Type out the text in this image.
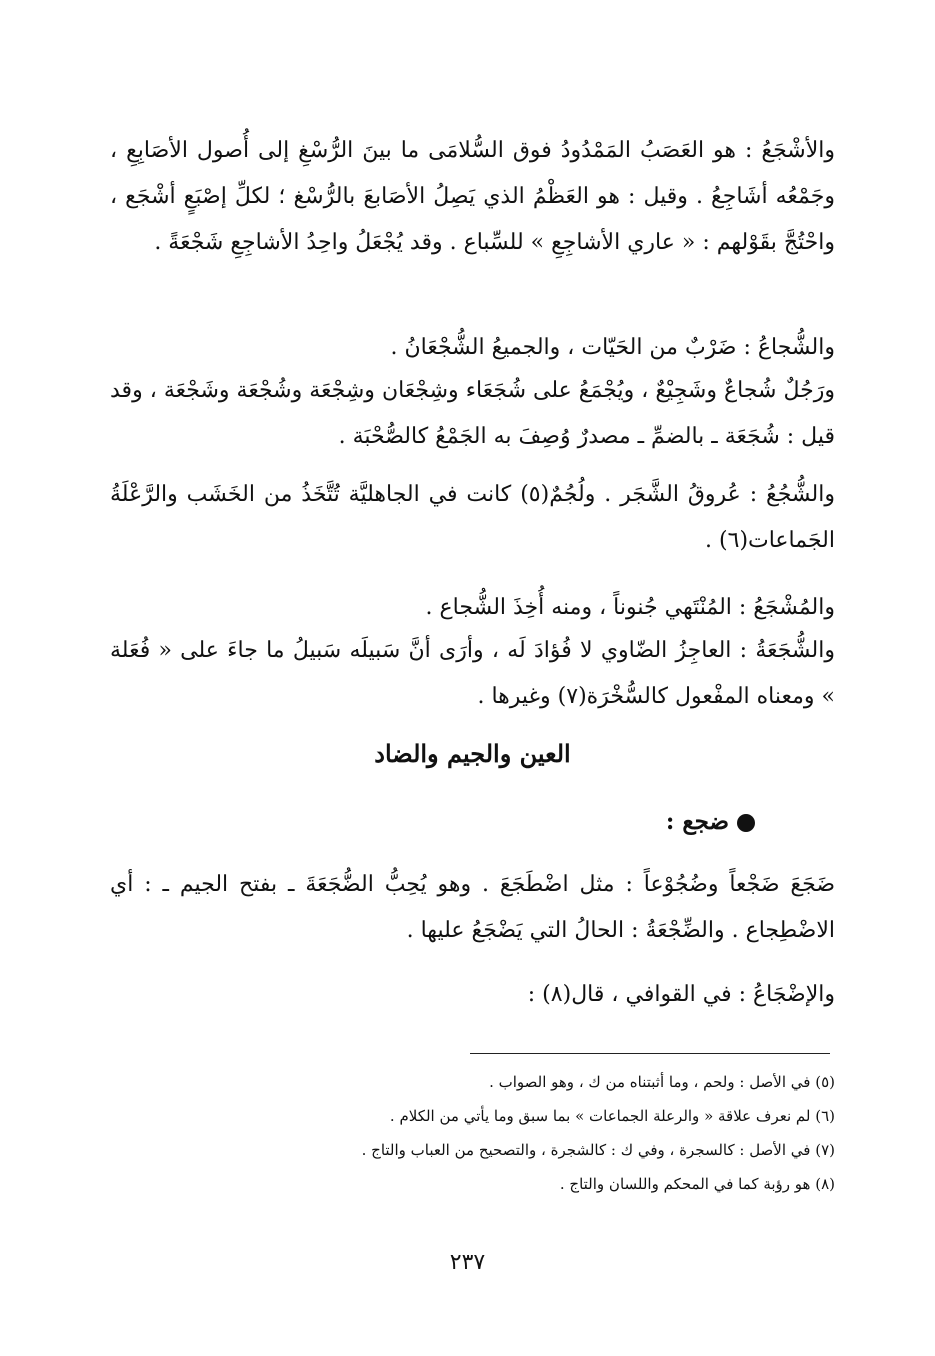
والأشْجَعُ : هو العَصَبُ المَمْدُودُ فوق السُّلامَى ما بينَ الرُّسْغِ إلى أُصول الأصَابِعِ ، وجَمْعُه أشَاجِعُ . وقيل : هو العَظْمُ الذي يَصِلُ الأصَابعَ بالرُّسْغ ؛ لكلِّ إصْبَعٍ أشْجَع ، واحْتُجَّ بقَوْلهم : « عاري الأشاجِعِ » للسِّباع . وقد يُجْعَلُ واحِدُ الأشاجِعِ شَجْعَةً .

والشُّجاعُ : ضَرْبٌ من الحَيّات ، والجميعُ الشُّجْعَانُ .

ورَجُلٌ شُجاعٌ وشَجِيْعٌ ، ويُجْمَعُ على شُجَعَاء وشِجْعَان وشِجْعَة وشُجْعَة وشَجْعَة ، وقد قيل : شُجَعَة ـ بالضمِّ ـ مصدرٌ وُصِفَ به الجَمْعُ كالصُّحْبَة .

والشُّجُعُ : عُروقُ الشَّجَر . ولُجُمٌ(٥) كانت في الجاهليَّة تُتَّخَذُ من الخَشَب والرَّعْلَةُ الجَماعات(٦) .

والمُشْجَعُ : المُنْتَهي جُنوناً ، ومنه أُخِذَ الشُّجاع .

والشُّجَعَةُ : العاجِزُ الضّاوي لا فُؤادَ لَه ، وأرَى أنَّ سَبيلَه سَبيلُ ما جاءَ على « فُعَلة » ومعناه المفْعول كالسُّخْرَة(٧) وغيرها .

العين والجيم والضاد
ضجع :

ضَجَعَ ضَجْعاً وضُجُوْعاً : مثل اضْطَجَعَ . وهو يُحِبُّ الضُّجَعَةَ ـ بفتح الجيم ـ : أي الاضْطِجاع . والضِّجْعَةُ : الحالُ التي يَضْجَعُ عليها .

والإضْجَاعُ : في القوافي ، قال(٨) :

(٥) في الأصل : ولحم ، وما أثبتناه من ك ، وهو الصواب .

(٦) لم نعرف علاقة « والرعلة الجماعات » بما سبق وما يأتي من الكلام .

(٧) في الأصل : كالسجرة ، وفي ك : كالشجرة ، والتصحيح من العباب والتاج .

(٨) هو رؤبة كما في المحكم واللسان والتاج .

٢٣٧
